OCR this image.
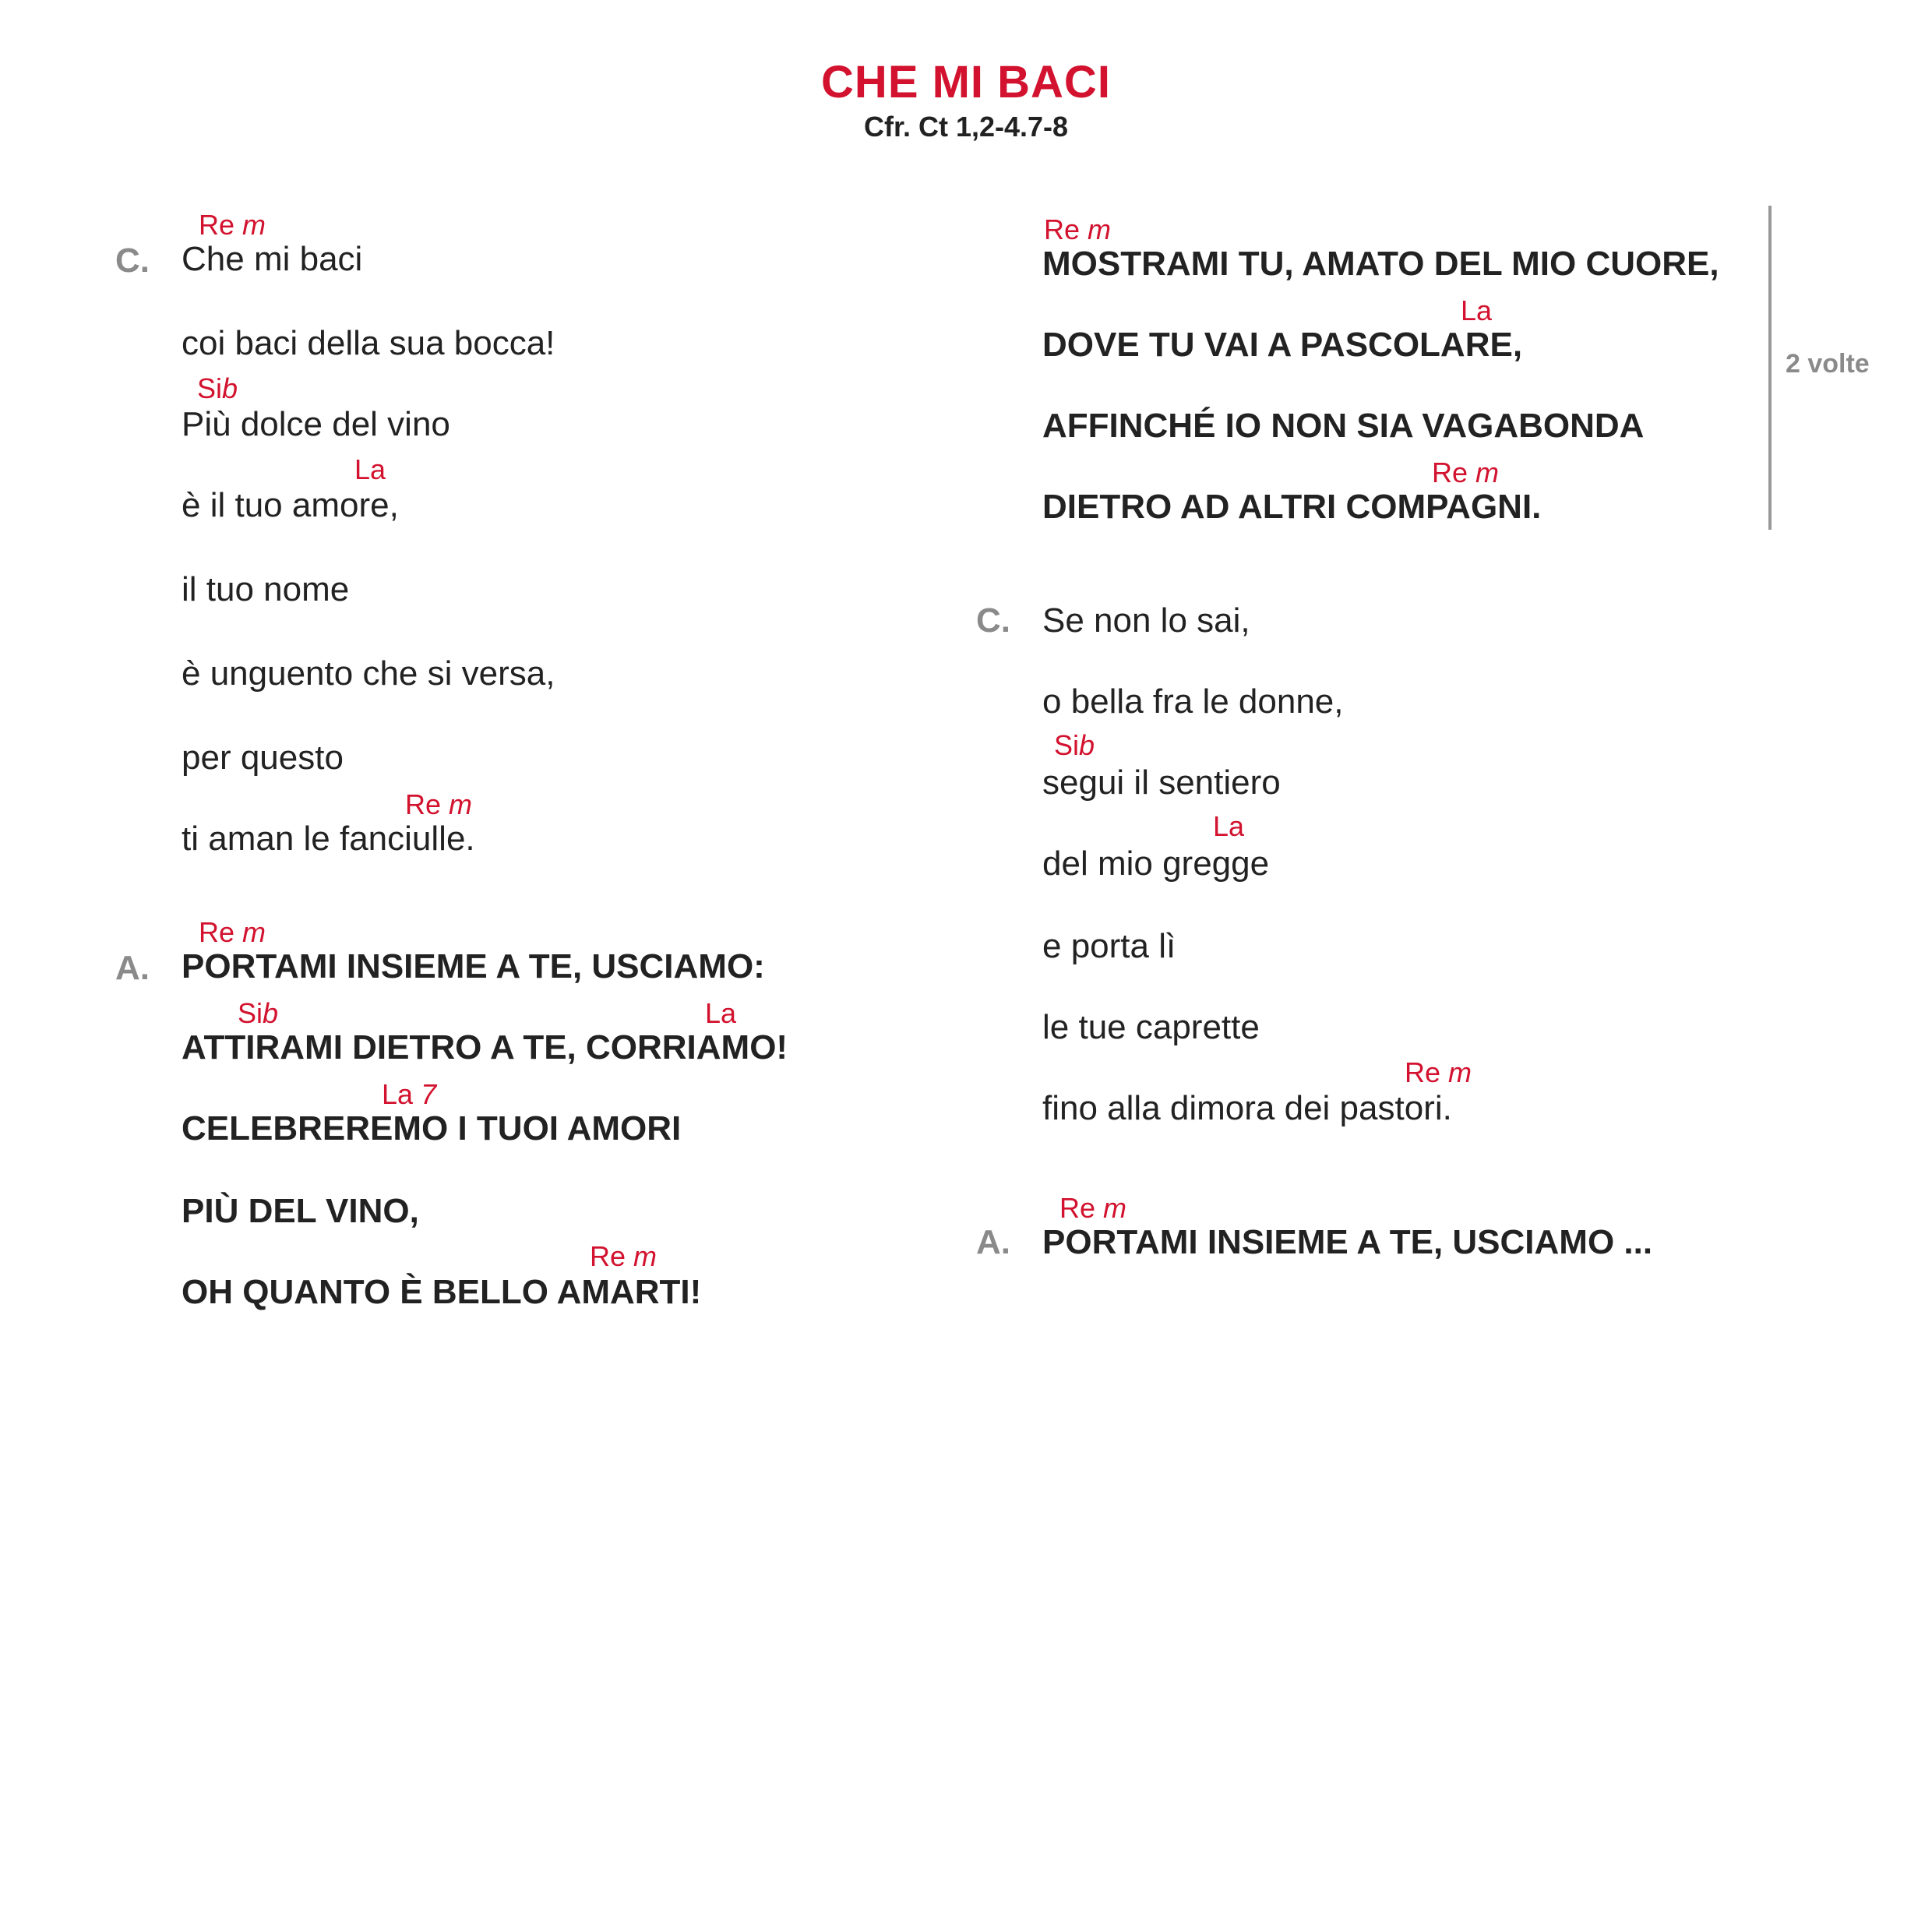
CHE MI BACI
Cfr. Ct 1,2-4.7-8
C.
Re m
Che mi baci
coi baci della sua bocca!
Sib
Più dolce del vino
La
è il tuo amore,
il tuo nome
è unguento che si versa,
per questo
Re m
ti aman le fanciulle.
A.
Re m
PORTAMI INSIEME A TE, USCIAMO:
Sib	La
ATTIRAMI DIETRO A TE, CORRIAMO!
La 7
CELEBREREMO I TUOI AMORI
PIÙ DEL VINO,
Re m
OH QUANTO È BELLO AMARTI!
Re m
MOSTRAMI TU, AMATO DEL MIO CUORE,
La
DOVE TU VAI A PASCOLARE,
AFFINCHÉ IO NON SIA VAGABONDA
Re m
DIETRO AD ALTRI COMPAGNI.
2 volte
C. Se non lo sai,
o bella fra le donne,
Sib
segui il sentiero
La
del mio gregge
e porta lì
le tue caprette
Re m
fino alla dimora dei pastori.
A.
Re m
PORTAMI INSIEME A TE, USCIAMO ...
